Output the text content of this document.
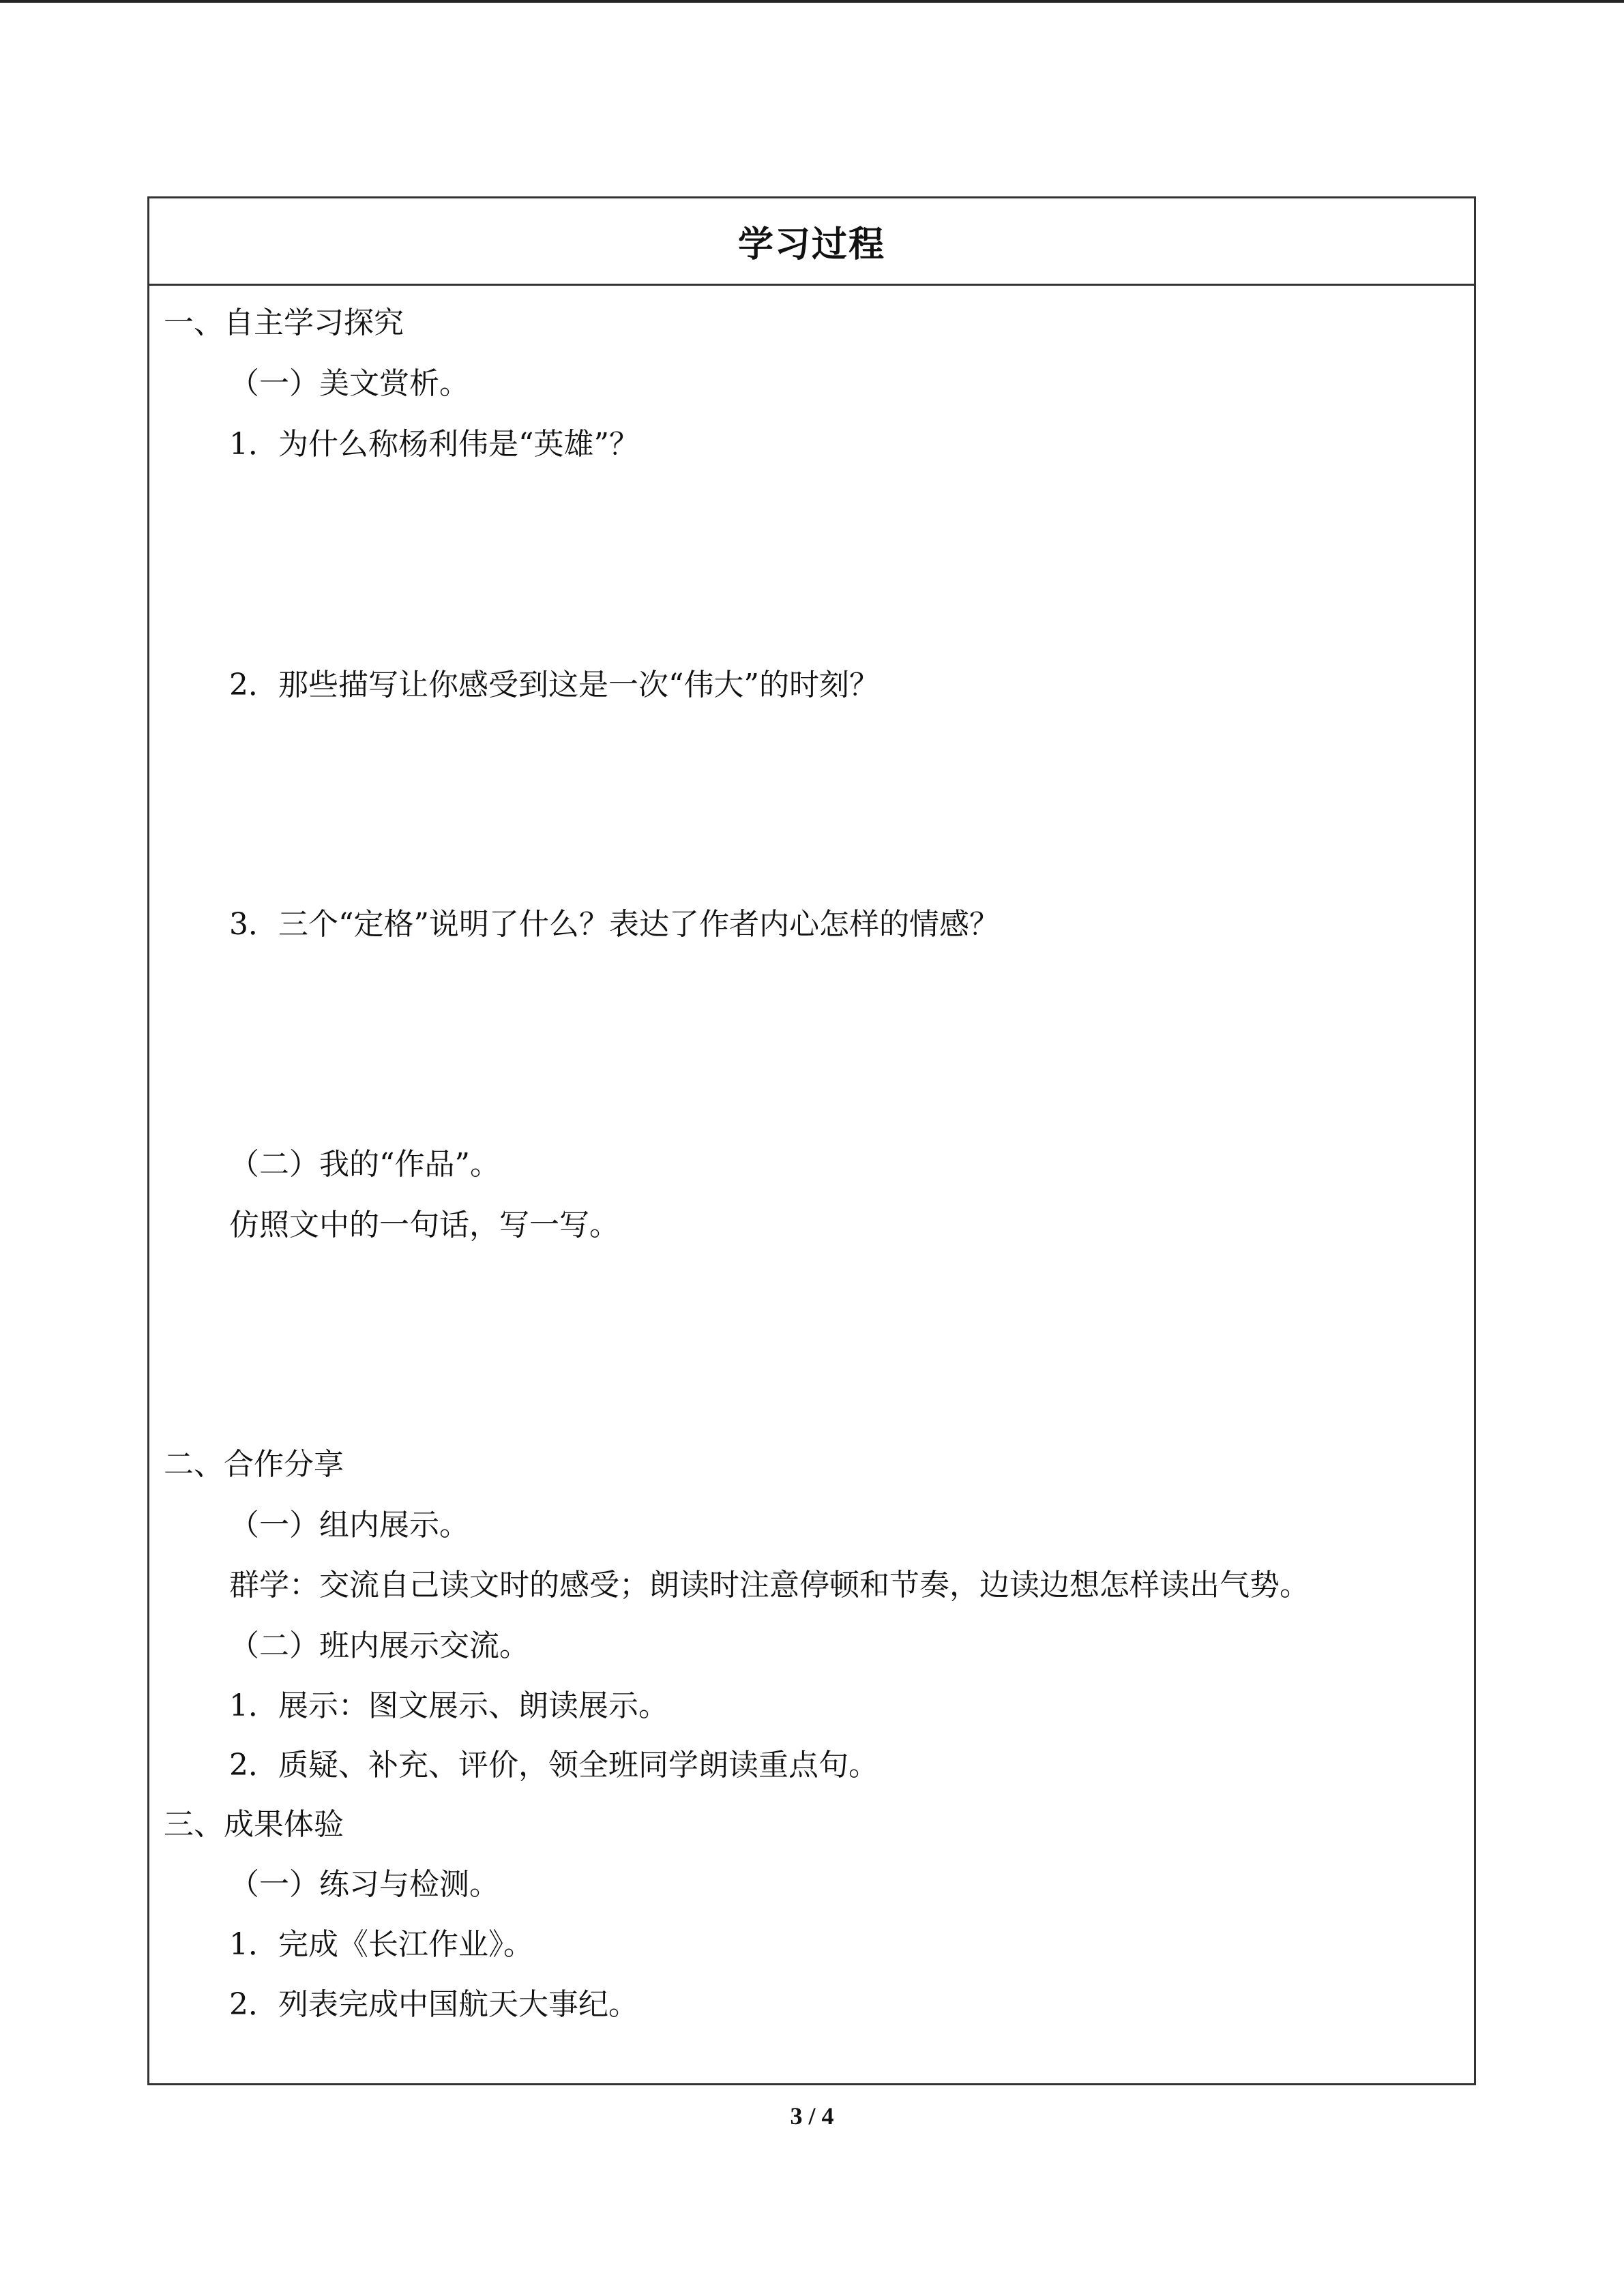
学习过程
一、自主学习探究
（一）美文赏析。
1．为什么称杨利伟是“英雄”？
2．那些描写让你感受到这是一次“伟大”的时刻？
3．三个“定格”说明了什么？表达了作者内心怎样的情感？
（二）我的“作品”。
仿照文中的一句话，写一写。
二、合作分享
（一）组内展示。
群学：交流自己读文时的感受；朗读时注意停顿和节奏，边读边想怎样读出气势。
（二）班内展示交流。
1．展示：图文展示、朗读展示。
2．质疑、补充、评价，领全班同学朗读重点句。
三、成果体验
（一）练习与检测。
1．完成《长江作业》。
2．列表完成中国航天大事纪。
3 / 4
